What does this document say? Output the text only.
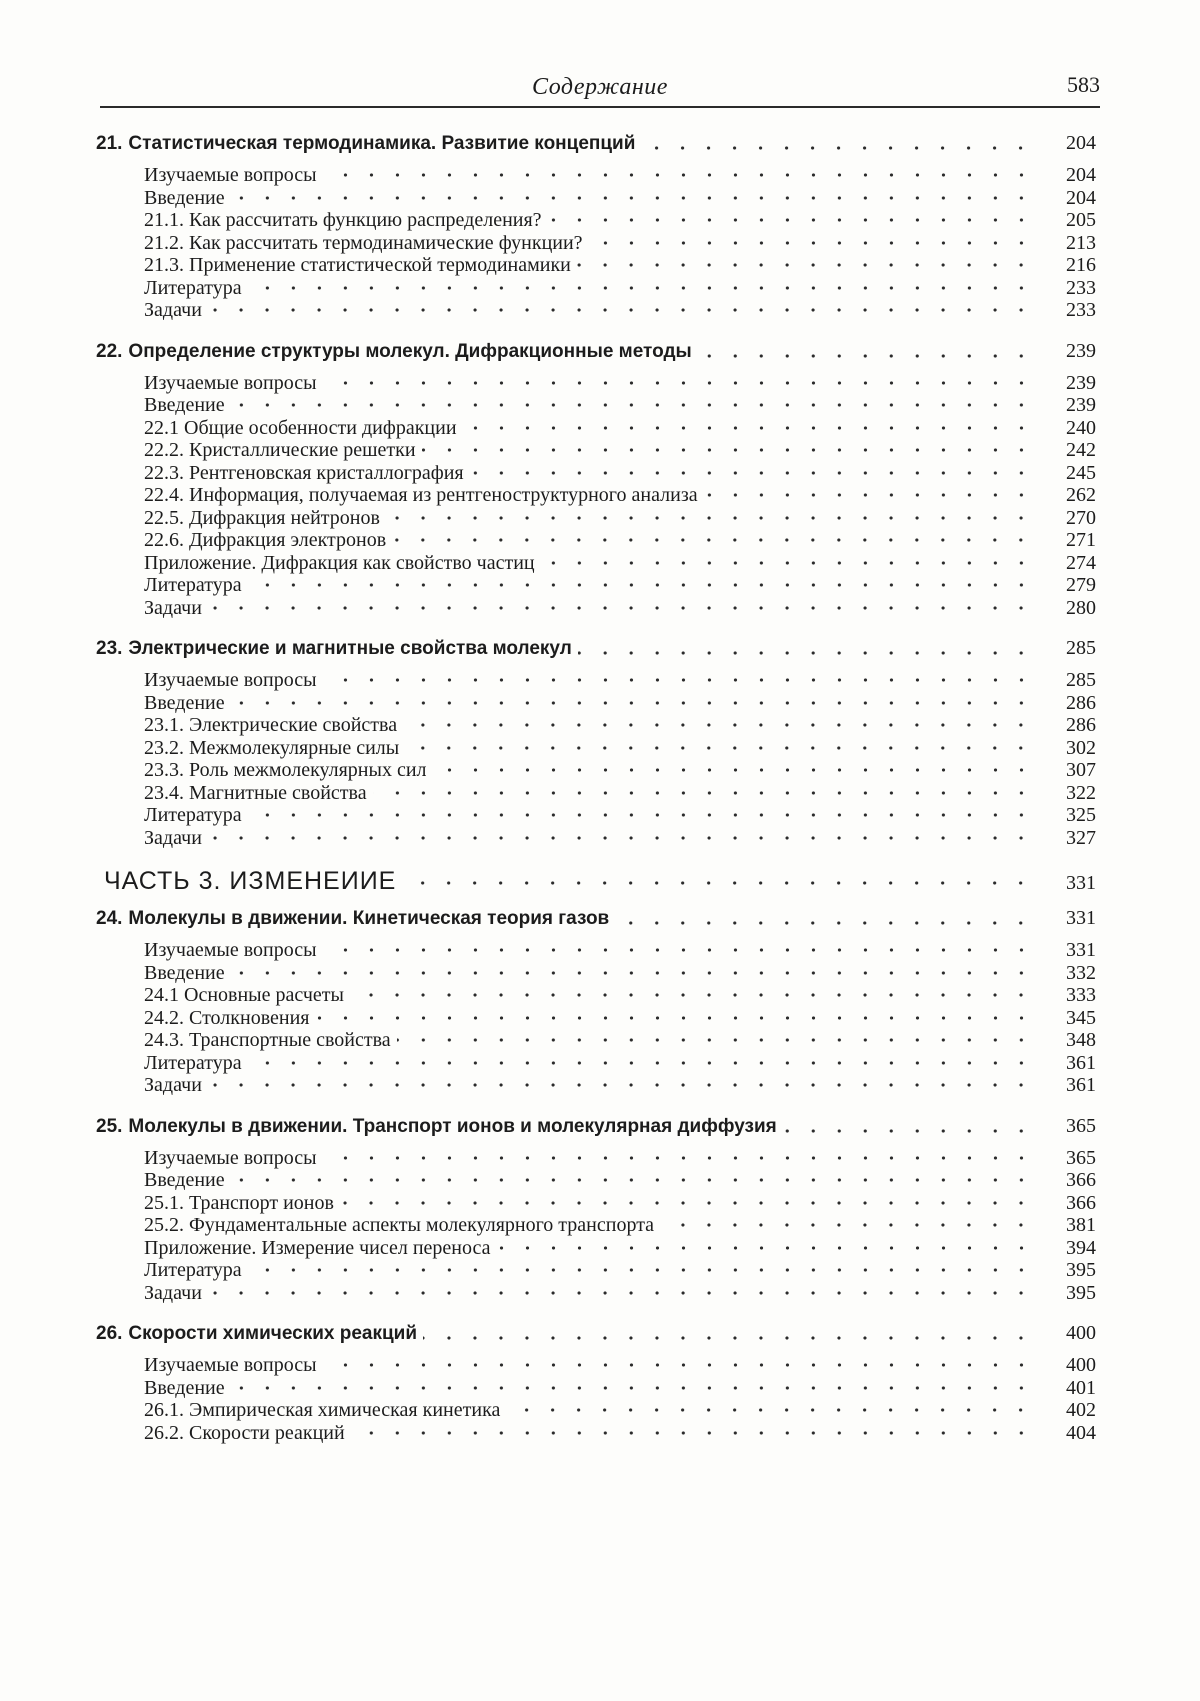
Содержание	583
21. Статистическая термодинамика. Развитие концепций	204
Изучаемые вопросы	204
Введение	204
21.1. Как рассчитать функцию распределения?	205
21.2. Как рассчитать термодинамические функции?	213
21.3. Применение статистической термодинамики	216
Литература	233
Задачи	233
22. Определение структуры молекул. Дифракционные методы	239
Изучаемые вопросы	239
Введение	239
22.1 Общие особенности дифракции	240
22.2. Кристаллические решетки	242
22.3. Рентгеновская кристаллография	245
22.4. Информация, получаемая из рентгеноструктурного анализа	262
22.5. Дифракция нейтронов	270
22.6. Дифракция электронов	271
Приложение. Дифракция как свойство частиц	274
Литература	279
Задачи	280
23. Электрические и магнитные свойства молекул	285
Изучаемые вопросы	285
Введение	286
23.1. Электрические свойства	286
23.2. Межмолекулярные силы	302
23.3. Роль межмолекулярных сил	307
23.4. Магнитные свойства	322
Литература	325
Задачи	327
ЧАСТЬ 3. ИЗМЕНЕИИЕ	331
24. Молекулы в движении. Кинетическая теория газов	331
Изучаемые вопросы	331
Введение	332
24.1 Основные расчеты	333
24.2. Столкновения	345
24.3. Транспортные свойства	348
Литература	361
Задачи	361
25. Молекулы в движении. Транспорт ионов и молекулярная диффузия	365
Изучаемые вопросы	365
Введение	366
25.1. Транспорт ионов	366
25.2. Фундаментальные аспекты молекулярного транспорта	381
Приложение. Измерение чисел переноса	394
Литература	395
Задачи	395
26. Скорости химических реакций	400
Изучаемые вопросы	400
Введение	401
26.1. Эмпирическая химическая кинетика	402
26.2. Скорости реакций	404
